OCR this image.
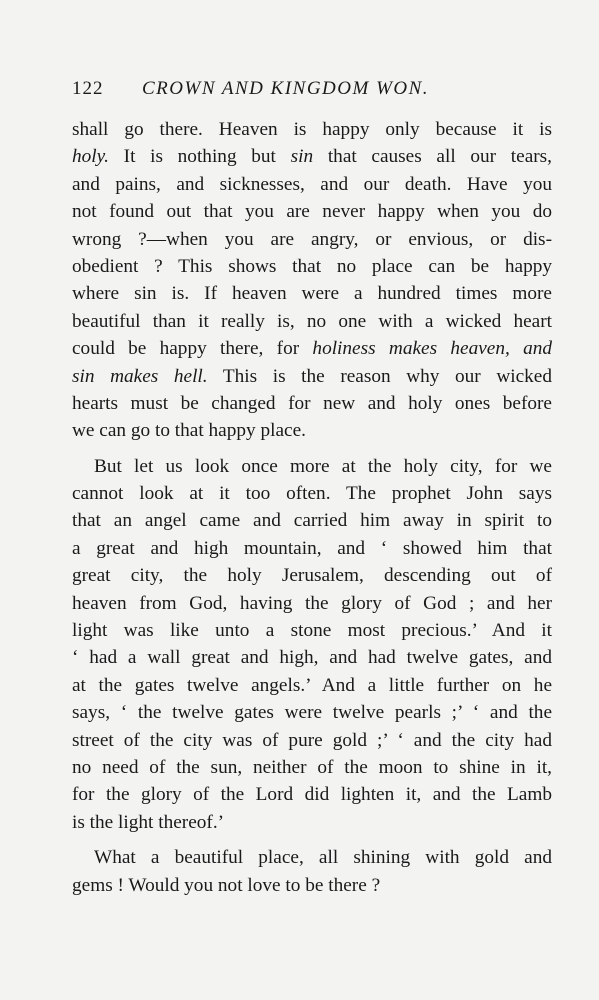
122 CROWN AND KINGDOM WON.
shall go there. Heaven is happy only because it is
holy. It is nothing but sin that causes all our tears,
and pains, and sicknesses, and our death. Have you
not found out that you are never happy when you do
wrong ?—when you are angry, or envious, or dis-
obedient ? This shows that no place can be happy
where sin is. If heaven were a hundred times more
beautiful than it really is, no one with a wicked heart
could be happy there, for holiness makes heaven, and
sin makes hell. This is the reason why our wicked
hearts must be changed for new and holy ones before
we can go to that happy place.
But let us look once more at the holy city, for we
cannot look at it too often. The prophet John says
that an angel came and carried him away in spirit to
a great and high mountain, and ‘ showed him that
great city, the holy Jerusalem, descending out of
heaven from God, having the glory of God ; and her
light was like unto a stone most precious.’ And it
‘ had a wall great and high, and had twelve gates, and
at the gates twelve angels.’ And a little further on he
says, ‘ the twelve gates were twelve pearls ;’ ‘ and the
street of the city was of pure gold ;’ ‘ and the city had
no need of the sun, neither of the moon to shine in it,
for the glory of the Lord did lighten it, and the Lamb
is the light thereof.’
What a beautiful place, all shining with gold and
gems ! Would you not love to be there ?
